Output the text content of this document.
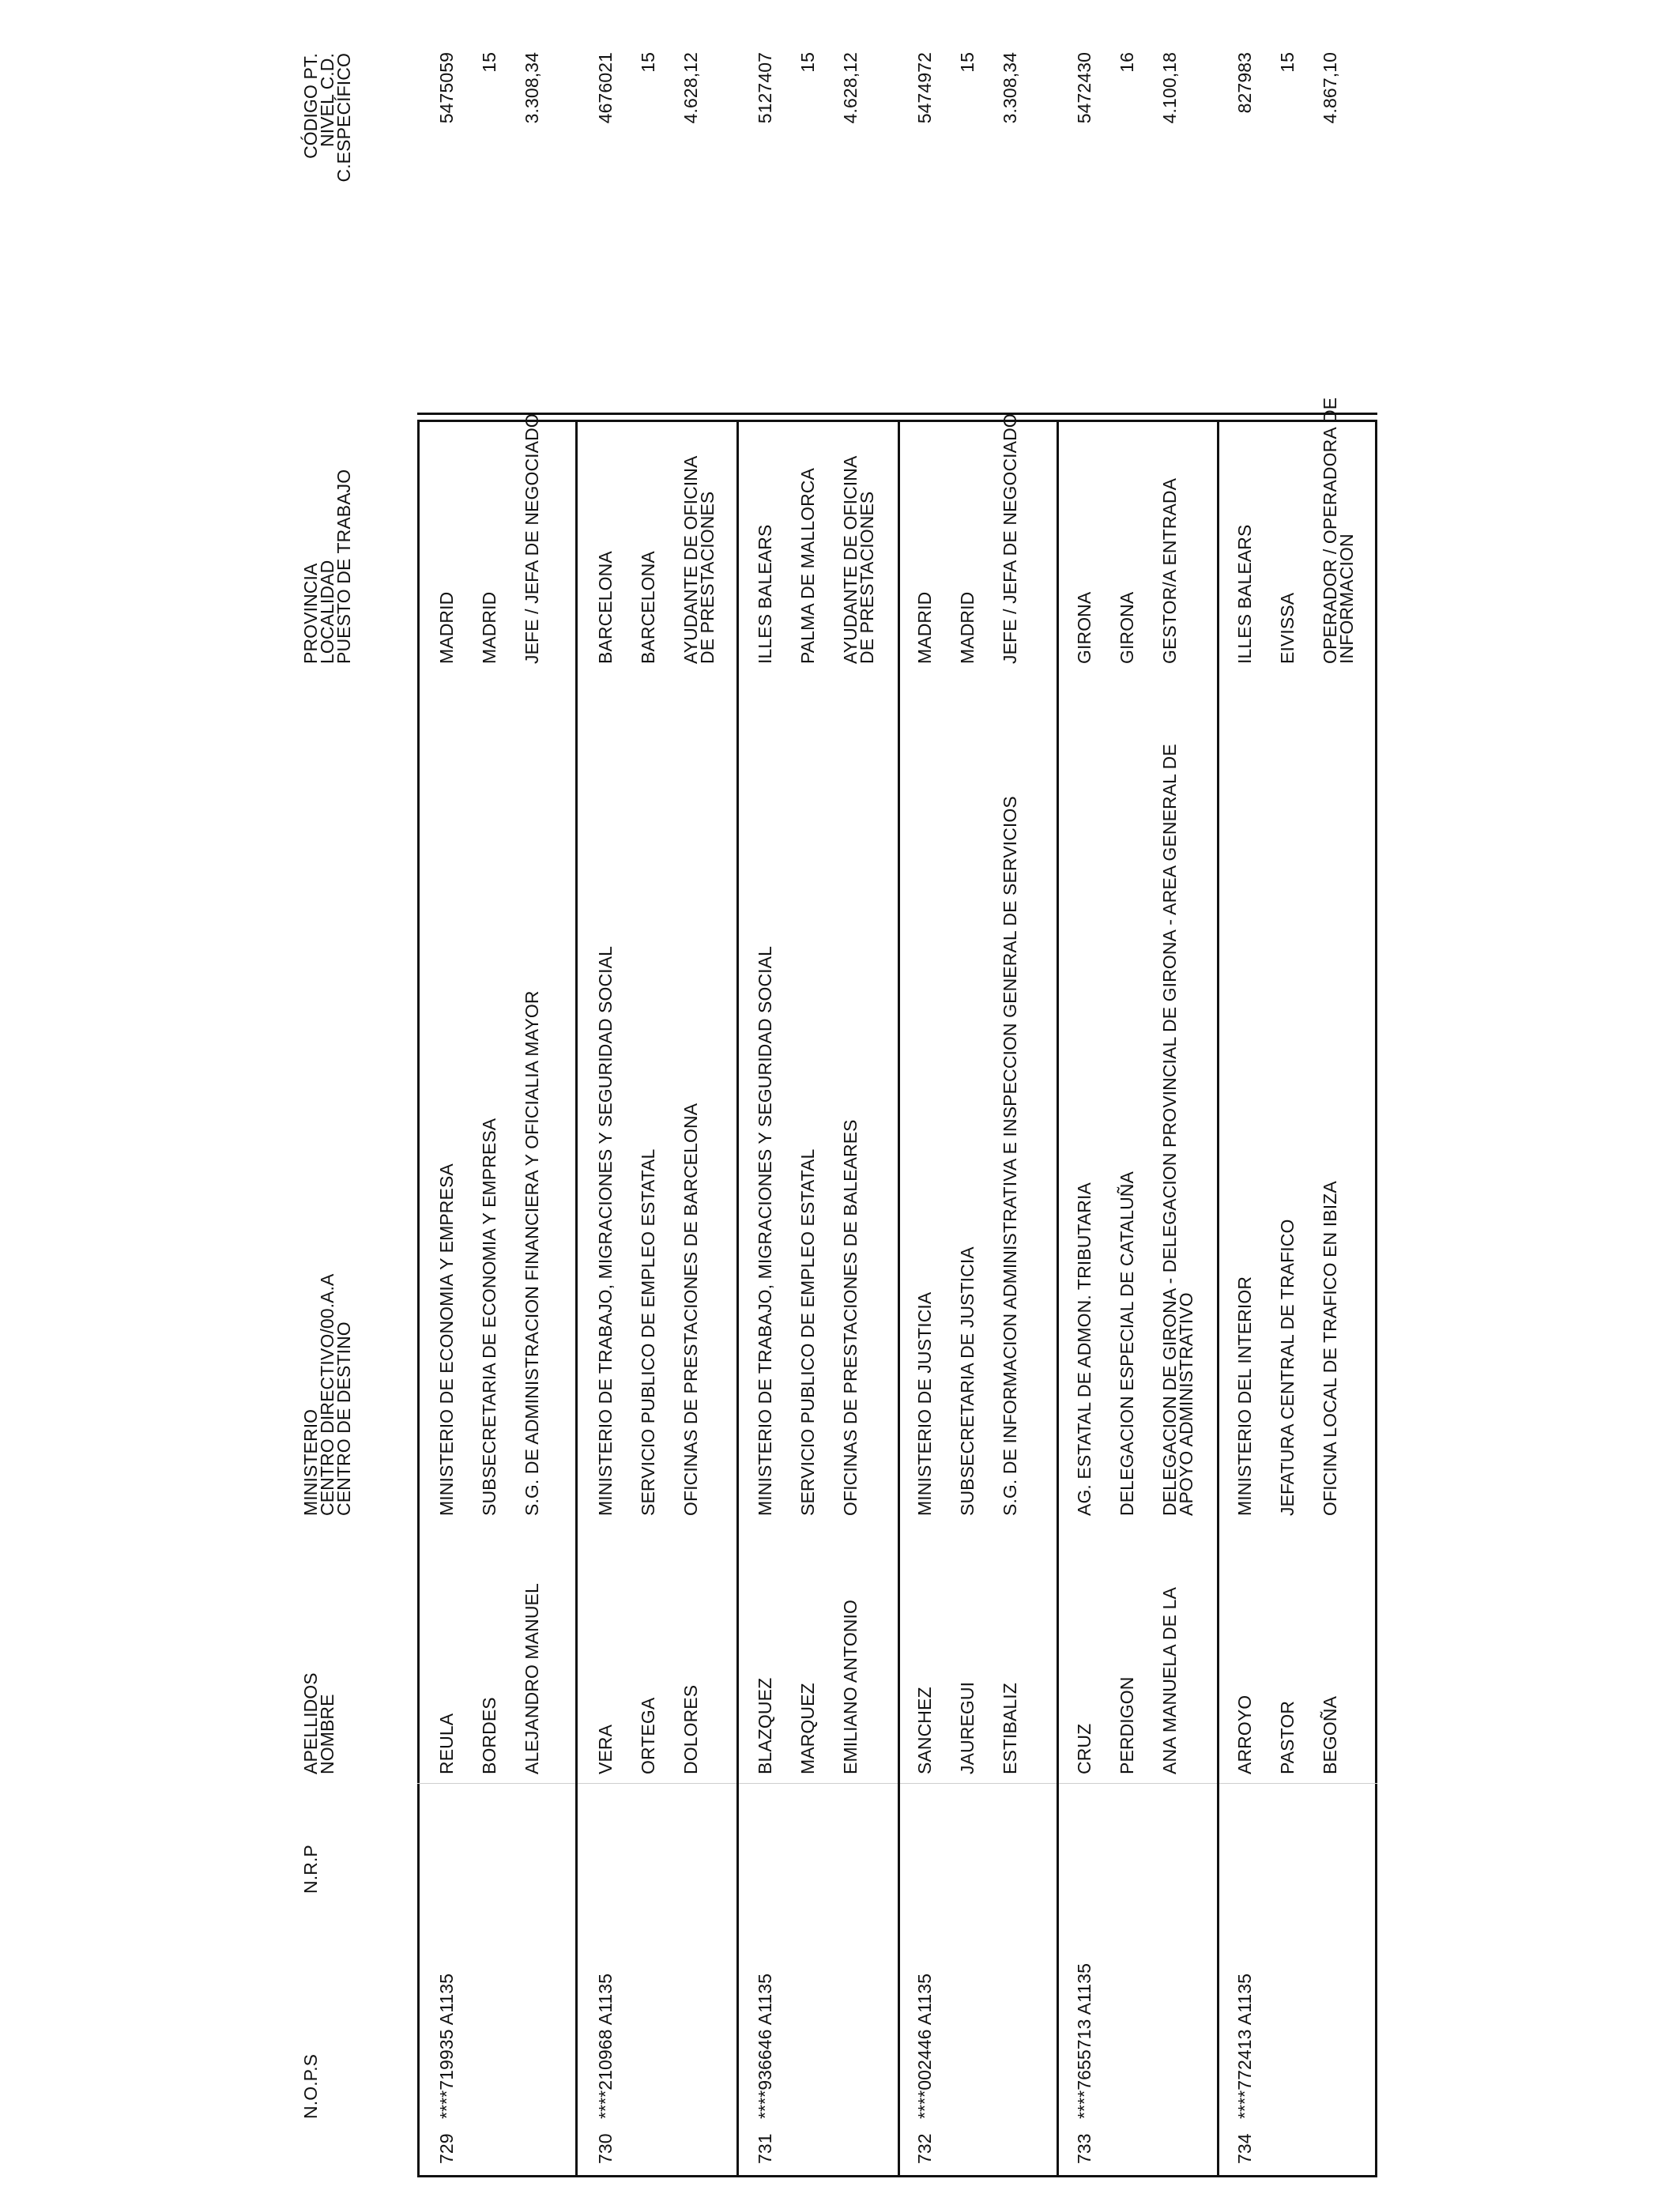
N.O.P.S
N.R.P
APELLIDOS
NOMBRE
MINISTERIO
CENTRO DIRECTIVO/00.A.A
CENTRO DE DESTINO
PROVINCIA
LOCALIDAD
PUESTO DE TRABAJO
CÓDIGO PT.
NIVEL C.D.
C.ESPECÍFICO
729
****719935 A1135
REULA BORDES ALEJANDRO MANUEL
MINISTERIO DE ECONOMIA Y EMPRESA SUBSECRETARIA DE ECONOMIA Y EMPRESA S.G. DE ADMINISTRACION FINANCIERA Y OFICIALIA MAYOR
MADRID MADRID JEFE / JEFA DE NEGOCIADO
5475059 15 3.308,34
730
****210968 A1135
VERA ORTEGA DOLORES
MINISTERIO DE TRABAJO, MIGRACIONES Y SEGURIDAD SOCIAL SERVICIO PUBLICO DE EMPLEO ESTATAL OFICINAS DE PRESTACIONES DE BARCELONA
BARCELONA BARCELONA AYUDANTE DE OFICINA DE PRESTACIONES
4676021 15 4.628,12
731
****936646 A1135
BLAZQUEZ MARQUEZ EMILIANO ANTONIO
MINISTERIO DE TRABAJO, MIGRACIONES Y SEGURIDAD SOCIAL SERVICIO PUBLICO DE EMPLEO ESTATAL OFICINAS DE PRESTACIONES DE BALEARES
ILLES BALEARS PALMA DE MALLORCA AYUDANTE DE OFICINA DE PRESTACIONES
5127407 15 4.628,12
732
****002446 A1135
SANCHEZ JAUREGUI ESTIBALIZ
MINISTERIO DE JUSTICIA SUBSECRETARIA DE JUSTICIA S.G. DE INFORMACION ADMINISTRATIVA E INSPECCION GENERAL DE SERVICIOS
MADRID MADRID JEFE / JEFA DE NEGOCIADO
5474972 15 3.308,34
733
****7655713 A1135
CRUZ PERDIGON ANA MANUELA DE LA
AG. ESTATAL DE ADMON. TRIBUTARIA DELEGACION ESPECIAL DE CATALUÑA DELEGACION DE GIRONA - DELEGACION PROVINCIAL DE GIRONA - AREA GENERAL DE APOYO ADMINISTRATIVO
GIRONA GIRONA GESTOR/A ENTRADA
5472430 16 4.100,18
734
****772413 A1135
ARROYO PASTOR BEGOÑA
MINISTERIO DEL INTERIOR JEFATURA CENTRAL DE TRAFICO OFICINA LOCAL DE TRAFICO EN IBIZA
ILLES BALEARS EIVISSA OPERADOR / OPERADORA DE INFORMACION
827983 15 4.867,10
